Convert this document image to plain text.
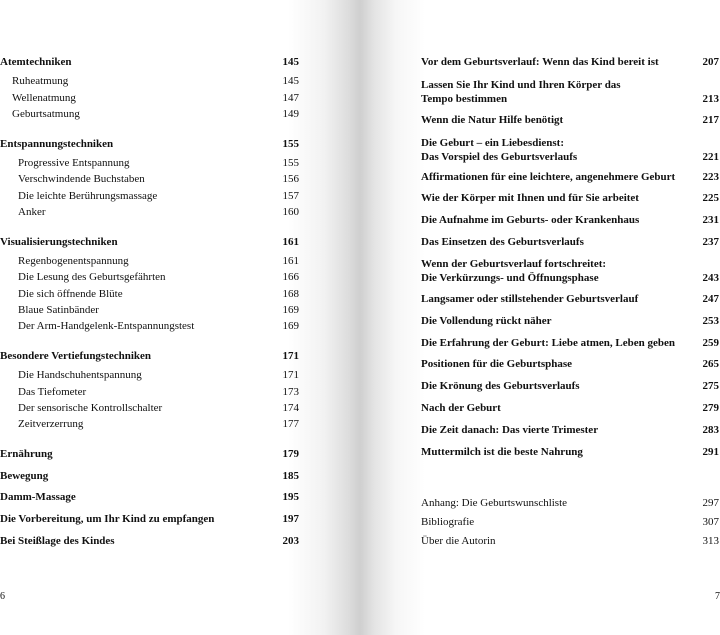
Atemtechniken	145
Ruheatmung	145
Wellenatmung	147
Geburtsatmung	149
Entspannungstechniken	155
Progressive Entspannung	155
Verschwindende Buchstaben	156
Die leichte Berührungsmassage	157
Anker	160
Visualisierungstechniken	161
Regenbogenentspannung	161
Die Lesung des Geburtsgefährten	166
Die sich öffnende Blüte	168
Blaue Satinbänder	169
Der Arm-Handgelenk-Entspannungstest	169
Besondere Vertiefungstechniken	171
Die Handschuhentspannung	171
Das Tiefometer	173
Der sensorische Kontrollschalter	174
Zeitverzerrung	177
Ernährung	179
Bewegung	185
Damm-Massage	195
Die Vorbereitung, um Ihr Kind zu empfangen	197
Bei Steißlage des Kindes	203
6
Vor dem Geburtsverlauf: Wenn das Kind bereit ist	207
Lassen Sie Ihr Kind und Ihren Körper das
Tempo bestimmen	213
Wenn die Natur Hilfe benötigt	217
Die Geburt – ein Liebesdienst:
Das Vorspiel des Geburtsverlaufs	221
Affirmationen für eine leichtere, angenehmere Geburt 223
Wie der Körper mit Ihnen und für Sie arbeitet	225
Die Aufnahme im Geburts- oder Krankenhaus	231
Das Einsetzen des Geburtsverlaufs	237
Wenn der Geburtsverlauf fortschreitet:
Die Verkürzungs- und Öffnungsphase	243
Langsamer oder stillstehender Geburtsverlauf	247
Die Vollendung rückt näher	253
Die Erfahrung der Geburt: Liebe atmen, Leben geben 259
Positionen für die Geburtsphase	265
Die Krönung des Geburtsverlaufs	275
Nach der Geburt	279
Die Zeit danach: Das vierte Trimester	283
Muttermilch ist die beste Nahrung	291
Anhang: Die Geburtswunschliste	297
Bibliografie	307
Über die Autorin	313
7
